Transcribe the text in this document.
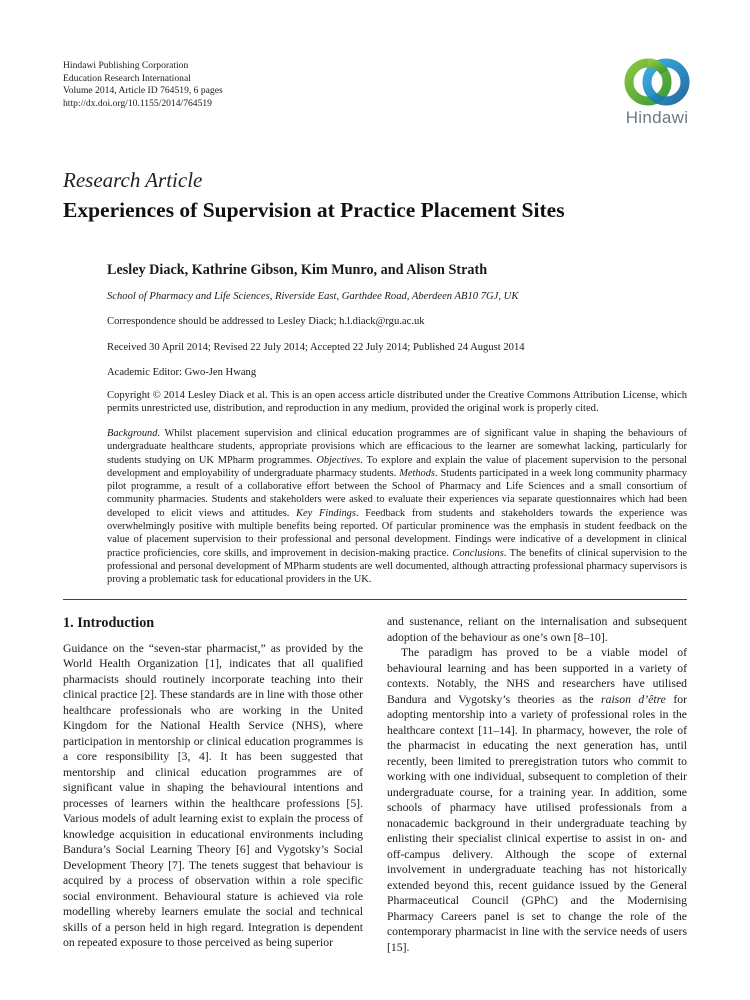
Hindawi Publishing Corporation
Education Research International
Volume 2014, Article ID 764519, 6 pages
http://dx.doi.org/10.1155/2014/764519
Hindawi
Research Article
Experiences of Supervision at Practice Placement Sites
Lesley Diack, Kathrine Gibson, Kim Munro, and Alison Strath
School of Pharmacy and Life Sciences, Riverside East, Garthdee Road, Aberdeen AB10 7GJ, UK
Correspondence should be addressed to Lesley Diack; h.l.diack@rgu.ac.uk
Received 30 April 2014; Revised 22 July 2014; Accepted 22 July 2014; Published 24 August 2014
Academic Editor: Gwo-Jen Hwang
Copyright © 2014 Lesley Diack et al. This is an open access article distributed under the Creative Commons Attribution License, which permits unrestricted use, distribution, and reproduction in any medium, provided the original work is properly cited.
Background. Whilst placement supervision and clinical education programmes are of significant value in shaping the behaviours of undergraduate healthcare students, appropriate provisions which are efficacious to the learner are somewhat lacking, particularly for students studying on UK MPharm programmes. Objectives. To explore and explain the value of placement supervision to the personal development and employability of undergraduate pharmacy students. Methods. Students participated in a week long community pharmacy pilot programme, a result of a collaborative effort between the School of Pharmacy and Life Sciences and a small consortium of community pharmacies. Students and stakeholders were asked to evaluate their experiences via separate questionnaires which had been developed to elicit views and attitudes. Key Findings. Feedback from students and stakeholders towards the experience was overwhelmingly positive with multiple benefits being reported. Of particular prominence was the emphasis in student feedback on the value of placement supervision to their professional and personal development. Findings were indicative of a development in clinical practice proficiencies, core skills, and improvement in decision-making practice. Conclusions. The benefits of clinical supervision to the professional and personal development of MPharm students are well documented, although attracting professional pharmacy supervisors is proving a problematic task for educational providers in the UK.
1. Introduction

Guidance on the “seven-star pharmacist,” as provided by the World Health Organization [1], indicates that all qualified pharmacists should routinely incorporate teaching into their clinical practice [2]. These standards are in line with those other healthcare professionals who are working in the United Kingdom for the National Health Service (NHS), where participation in mentorship or clinical education programmes is a core responsibility [3, 4]. It has been suggested that mentorship and clinical education programmes are of significant value in shaping the behavioural intentions and processes of learners within the healthcare professions [5]. Various models of adult learning exist to explain the process of knowledge acquisition in educational environments including Bandura’s Social Learning Theory [6] and Vygotsky’s Social Development Theory [7]. The tenets suggest that behaviour is acquired by a process of observation within a role specific social environment. Behavioural stature is achieved via role modelling whereby learners emulate the social and technical skills of a person held in high regard. Integration is dependent on repeated exposure to those perceived as being superior

and sustenance, reliant on the internalisation and subsequent adoption of the behaviour as one’s own [8–10].

The paradigm has proved to be a viable model of behavioural learning and has been supported in a variety of contexts. Notably, the NHS and researchers have utilised Bandura and Vygotsky’s theories as the raison d’être for adopting mentorship into a variety of professional roles in the healthcare context [11–14]. In pharmacy, however, the role of the pharmacist in educating the next generation has, until recently, been limited to preregistration tutors who commit to working with one individual, subsequent to completion of their undergraduate course, for a training year. In addition, some schools of pharmacy have utilised professionals from a nonacademic background in their undergraduate teaching by enlisting their specialist clinical expertise to assist in on- and off-campus delivery. Although the scope of external involvement in undergraduate teaching has not historically extended beyond this, recent guidance issued by the General Pharmaceutical Council (GPhC) and the Modernising Pharmacy Careers panel is set to change the role of the contemporary pharmacist in line with the service needs of users [15].
